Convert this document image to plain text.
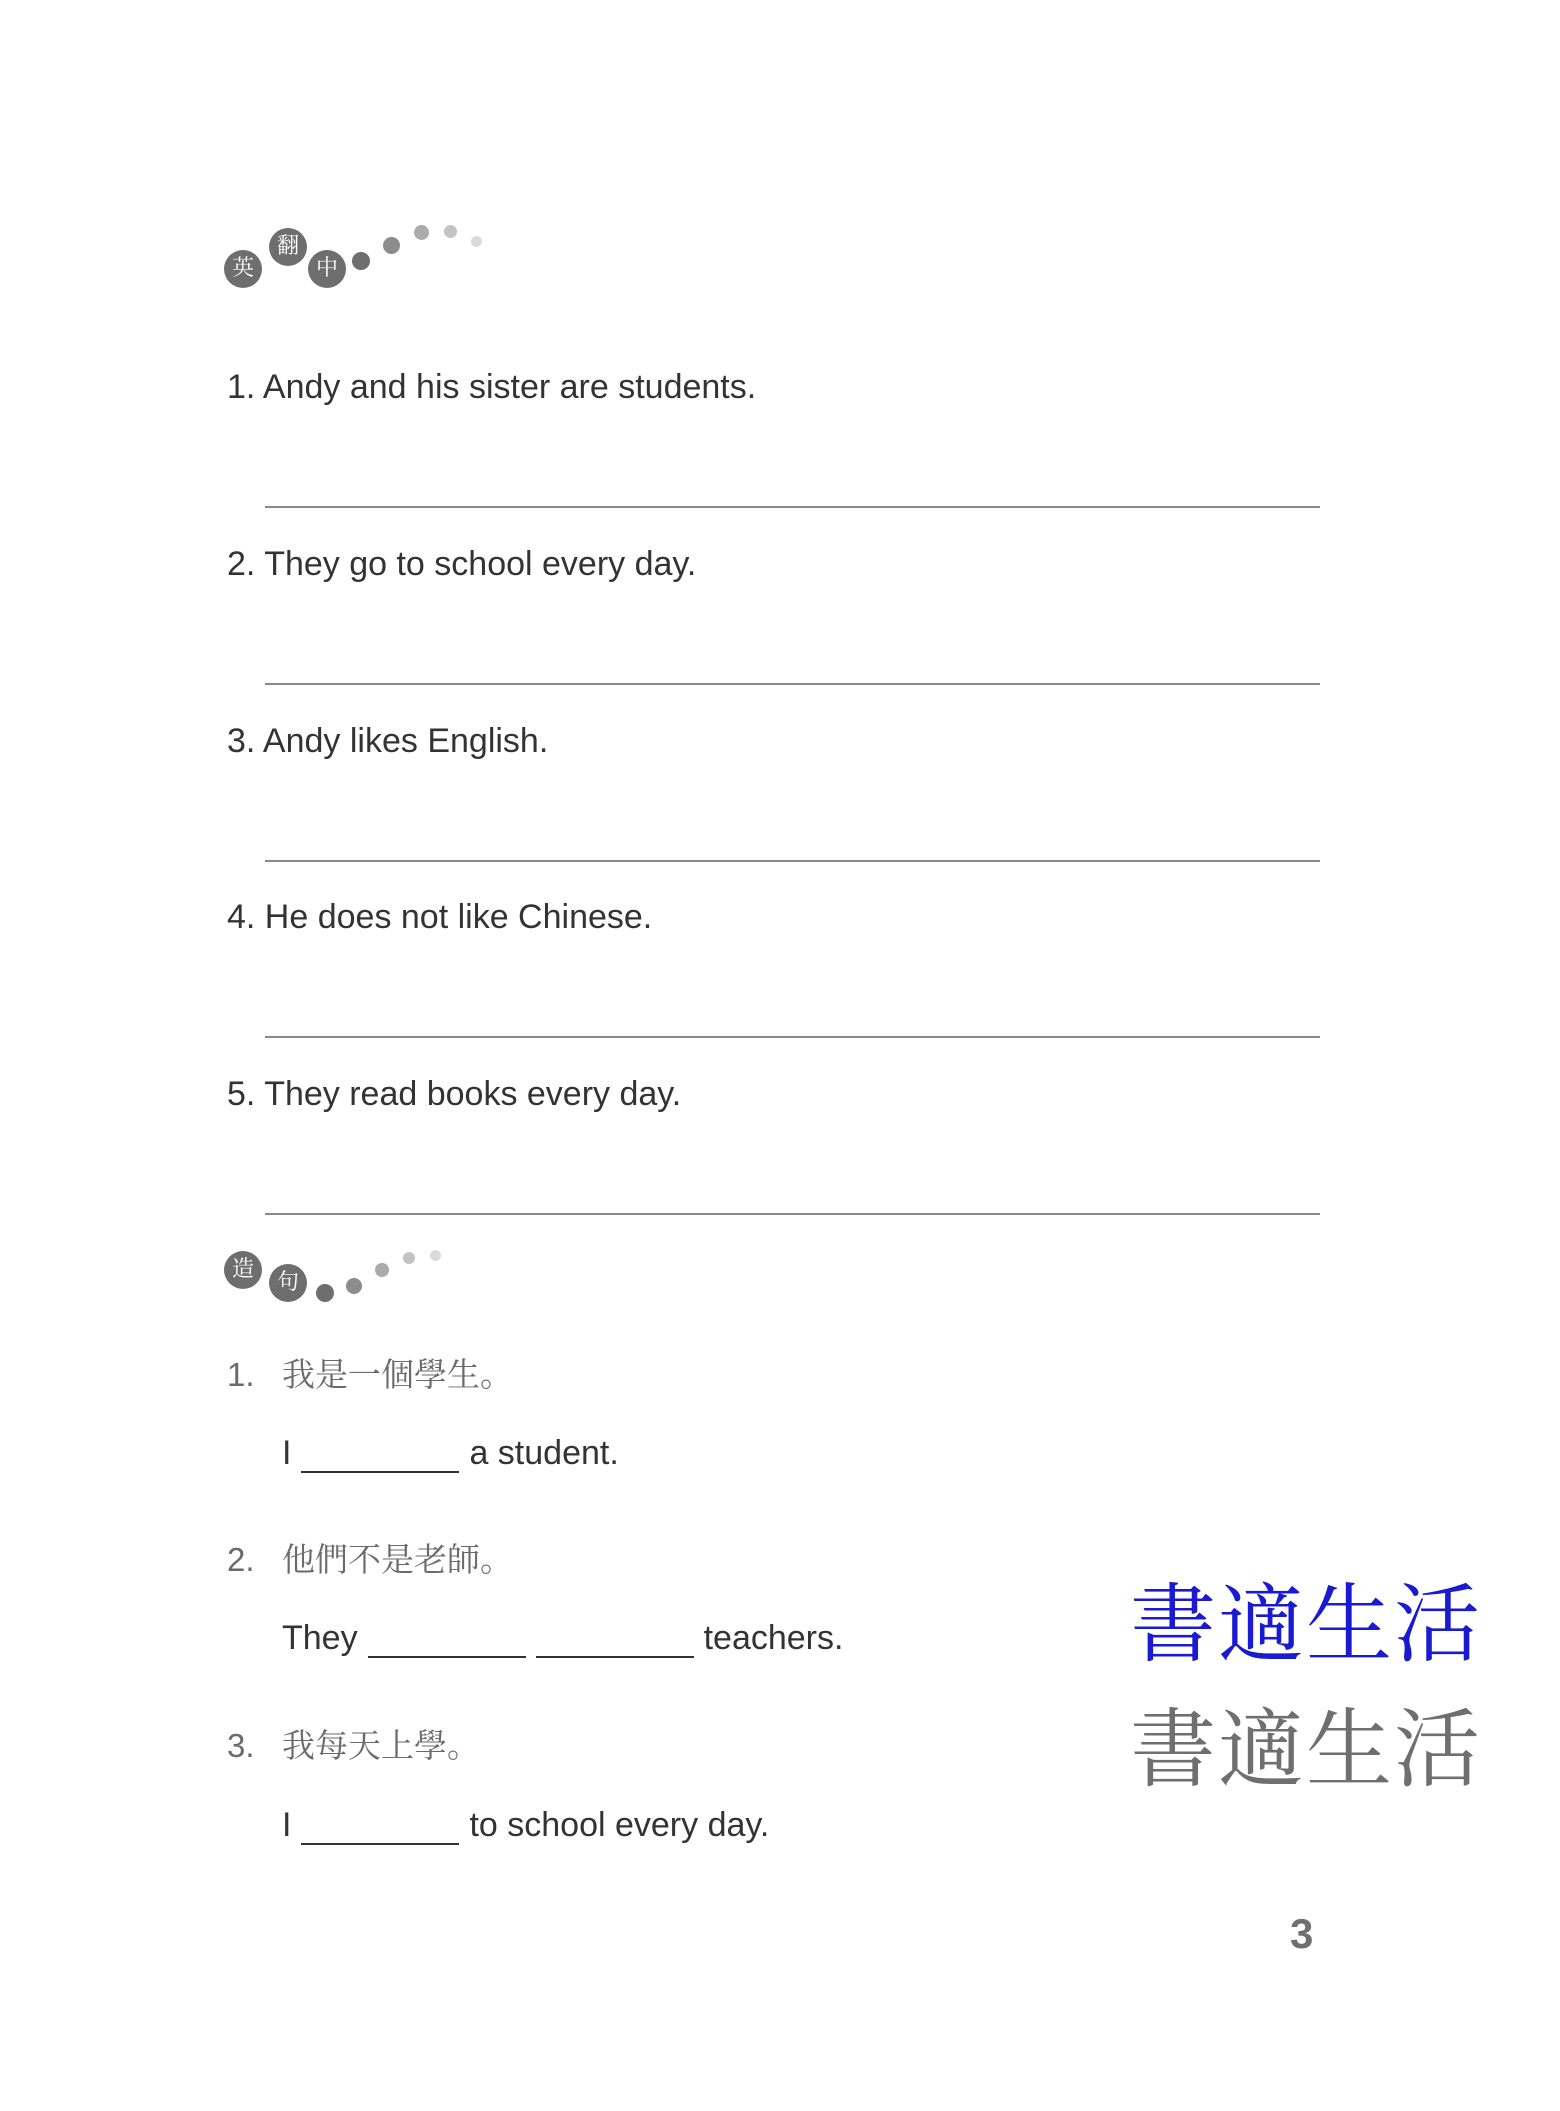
英
翻
中
1. Andy and his sister are students.
2. They go to school every day.
3. Andy likes English.
4. He does not like Chinese.
5. They read books every day.
造
句
1. 我是一個學生。
I	a student.
2. 他們不是老師。
They	teachers.
3. 我每天上學。
I	to school every day.
書適生活
書適生活
3
